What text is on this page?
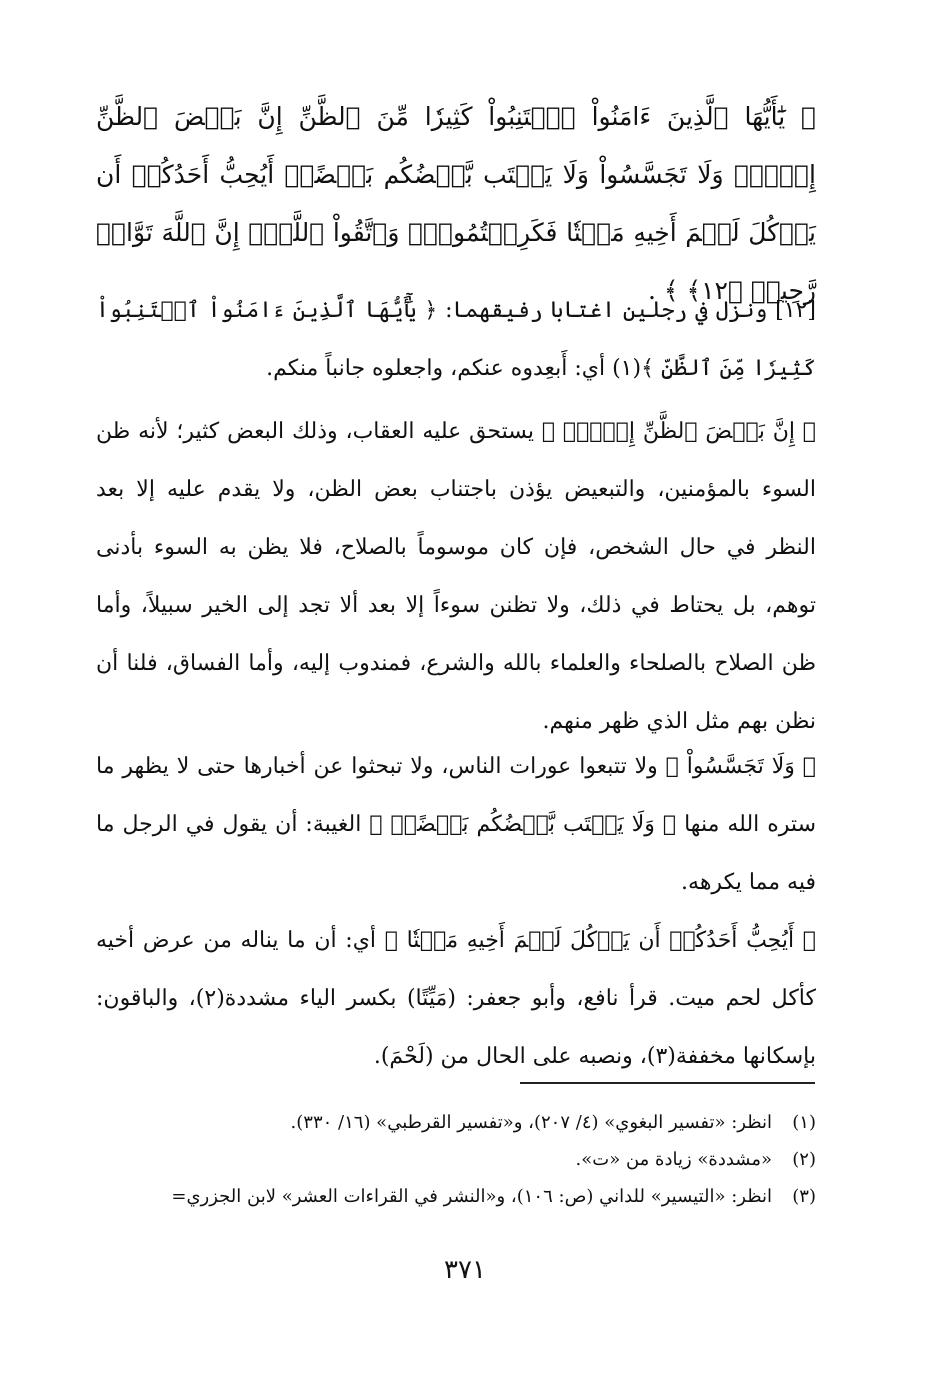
﴿ يَٰٓأَيُّهَا ٱلَّذِينَ ءَامَنُواْ ٱجۡتَنِبُواْ كَثِيرٗا مِّنَ ٱلظَّنِّ إِنَّ بَعۡضَ ٱلظَّنِّ إِثۡمٞۖ وَلَا تَجَسَّسُواْ وَلَا يَغۡتَب بَّعۡضُكُم بَعۡضًاۚ أَيُحِبُّ أَحَدُكُمۡ أَن يَأۡكُلَ لَحۡمَ أَخِيهِ مَيۡتٗا فَكَرِهۡتُمُوهُۚ وَٱتَّقُواْ ٱللَّهَۚ إِنَّ ٱللَّهَ تَوَّابٞ رَّحِيمٞ ﴿١٢﴾ ﴾ .

[١٢] ونزل في رجلين اغتابا رفيقهما: ﴿ يَٰٓأَيُّهَا ٱلَّذِينَ ءَامَنُواْ ٱجۡتَنِبُواْ كَثِيرٗا مِّنَ ٱلظَّنِّ ﴾(١) أي: أَبعِدوه عنكم، واجعلوه جانباً منكم.

﴿ إِنَّ بَعۡضَ ٱلظَّنِّ إِثۡمٞۖ ﴾ يستحق عليه العقاب، وذلك البعض كثير؛ لأنه ظن السوء بالمؤمنين، والتبعيض يؤذن باجتناب بعض الظن، ولا يقدم عليه إلا بعد النظر في حال الشخص، فإن كان موسوماً بالصلاح، فلا يظن به السوء بأدنى توهم، بل يحتاط في ذلك، ولا تظنن سوءاً إلا بعد ألا تجد إلى الخير سبيلاً، وأما ظن الصلاح بالصلحاء والعلماء بالله والشرع، فمندوب إليه، وأما الفساق، فلنا أن نظن بهم مثل الذي ظهر منهم.

﴿ وَلَا تَجَسَّسُواْ ﴾ ولا تتبعوا عورات الناس، ولا تبحثوا عن أخبارها حتى لا يظهر ما ستره الله منها ﴿ وَلَا يَغۡتَب بَّعۡضُكُم بَعۡضًاۚ ﴾ الغيبة: أن يقول في الرجل ما فيه مما يكرهه.

﴿ أَيُحِبُّ أَحَدُكُمۡ أَن يَأۡكُلَ لَحۡمَ أَخِيهِ مَيۡتٗا ﴾ أي: أن ما يناله من عرض أخيه كأكل لحم ميت. قرأ نافع، وأبو جعفر: (مَيِّتًا) بكسر الياء مشددة(٢)، والباقون: بإسكانها مخففة(٣)، ونصبه على الحال من (لَحْمَ).

(١)انظر: «تفسير البغوي» (٤/ ٢٠٧)، و«تفسير القرطبي» (١٦/ ٣٣٠).
(٢)«مشددة» زيادة من «ت».
(٣)انظر: «التيسير» للداني (ص: ١٠٦)، و«النشر في القراءات العشر» لابن الجزري=
٣٧١
